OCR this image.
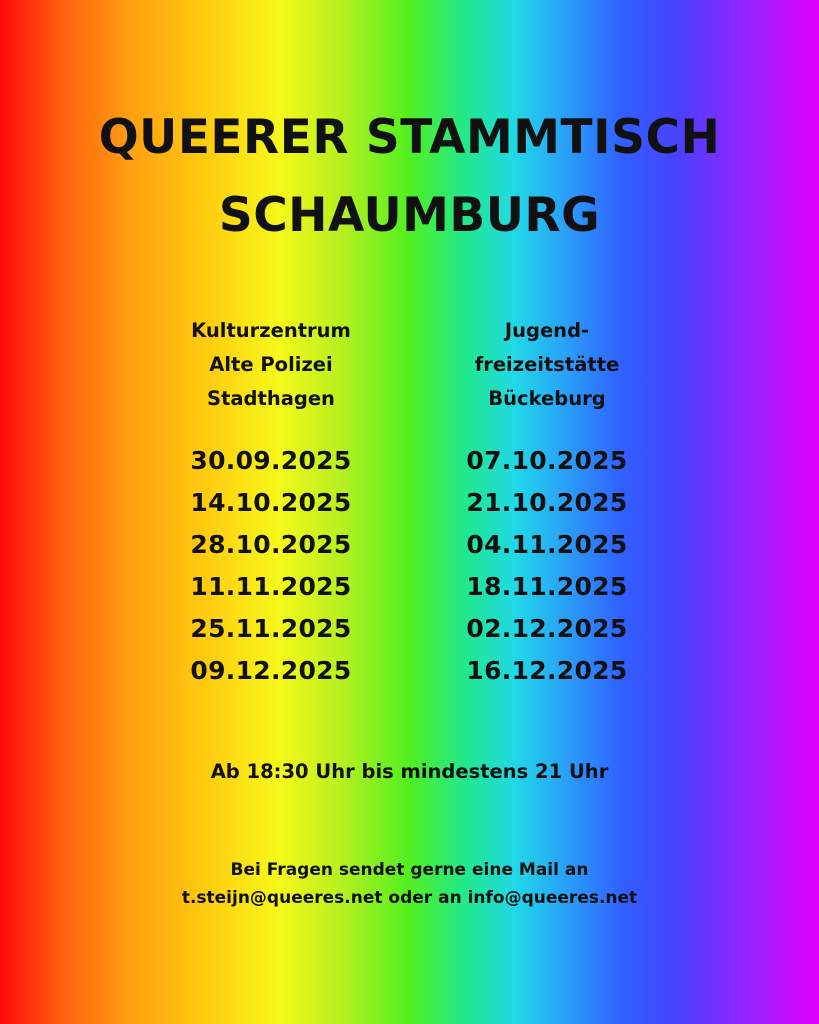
QUEERER STAMMTISCH
SCHAUMBURG
Kulturzentrum
Alte Polizei
Stadthagen
30.09.2025
14.10.2025
28.10.2025
11.11.2025
25.11.2025
09.12.2025
Jugend-
freizeitstätte
Bückeburg
07.10.2025
21.10.2025
04.11.2025
18.11.2025
02.12.2025
16.12.2025
Ab 18:30 Uhr bis mindestens 21 Uhr
Bei Fragen sendet gerne eine Mail an
t.steijn@queeres.net oder an info@queeres.net
